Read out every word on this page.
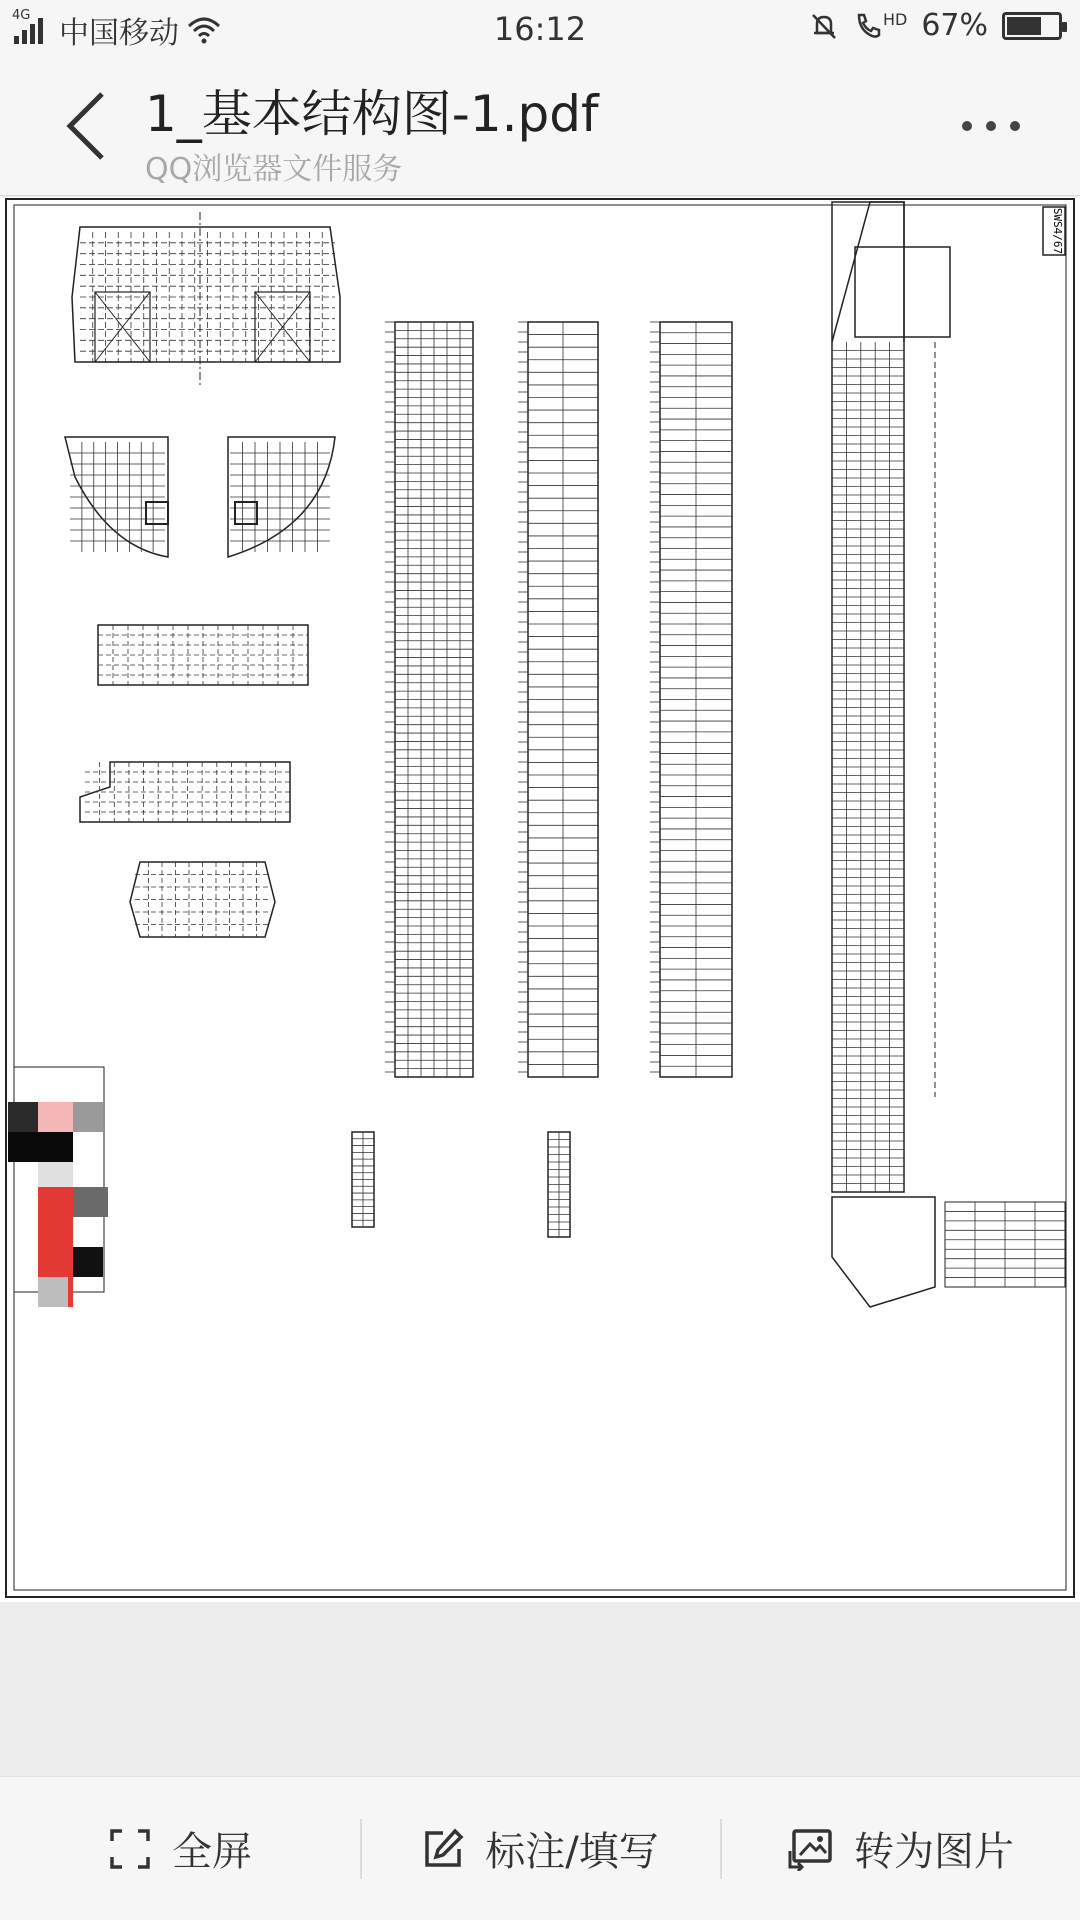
4G
中国移动	16:12	HD 67%
1_基本结构图-1.pdf
QQ浏览器文件服务
SWS4/67
全屏	标注/填写	转为图片
